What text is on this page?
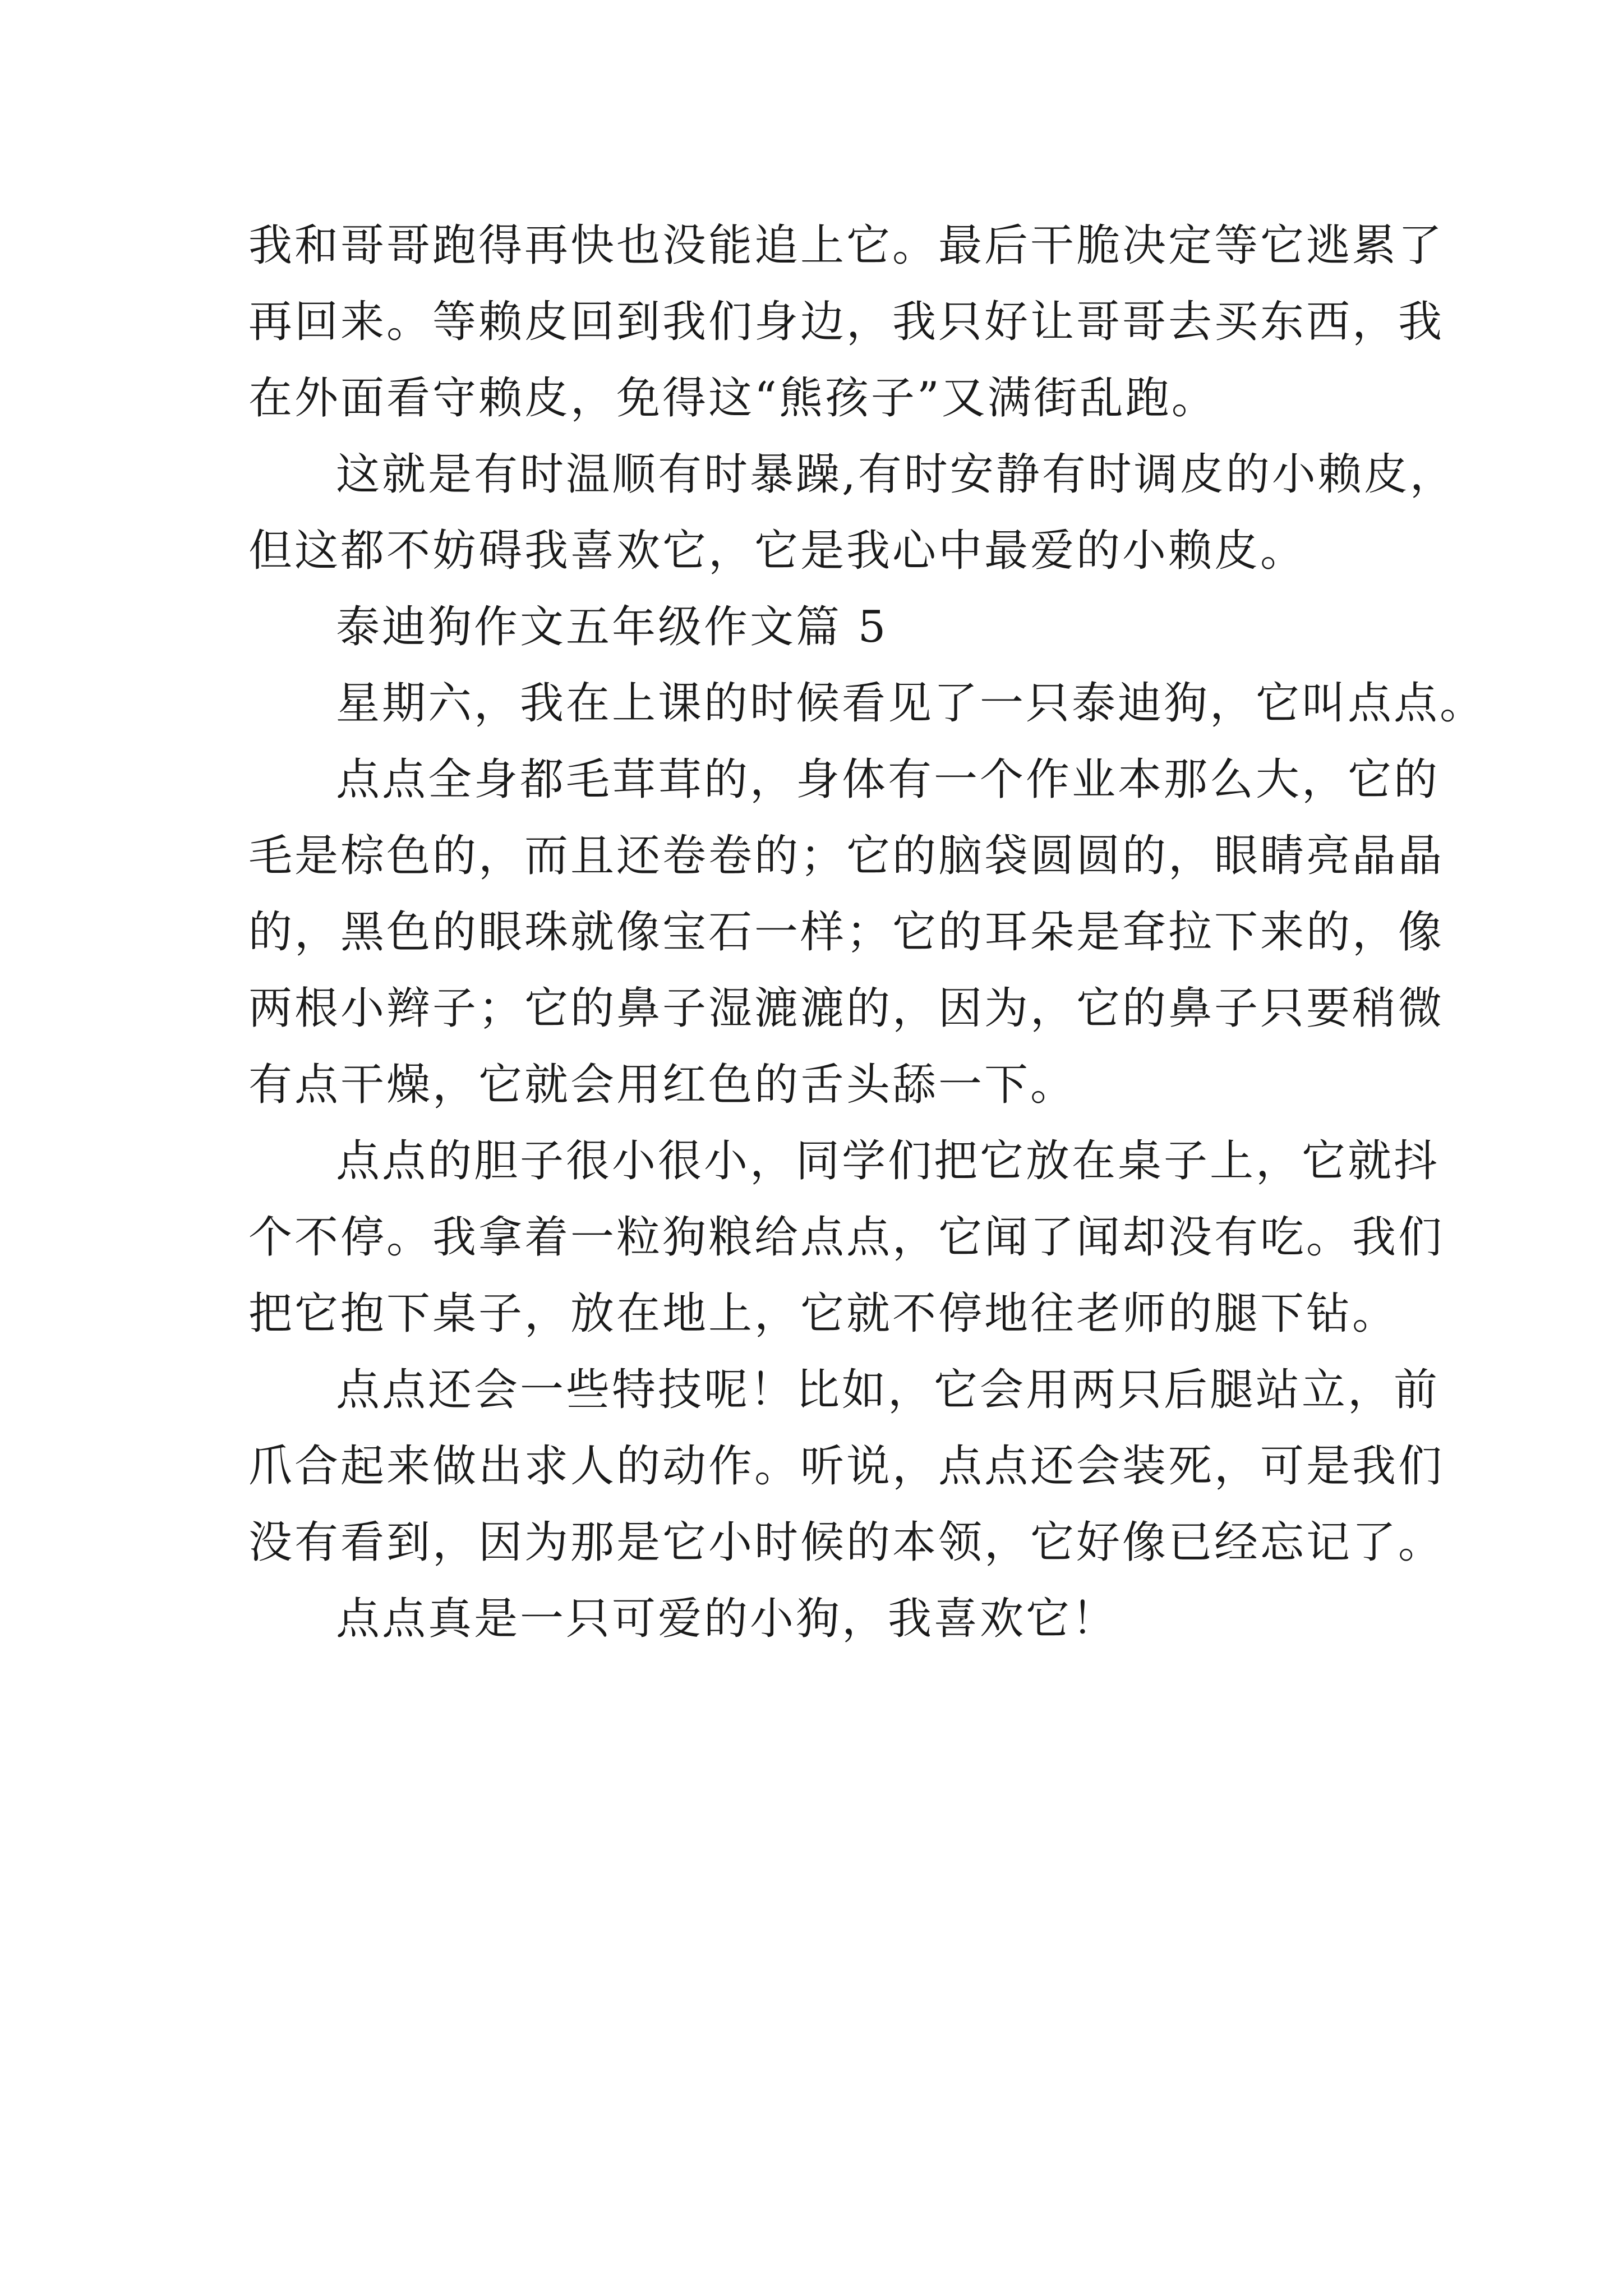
我和哥哥跑得再快也没能追上它。最后干脆决定等它逃累了
再回来。等赖皮回到我们身边，我只好让哥哥去买东西，我
在外面看守赖皮，免得这“熊孩子”又满街乱跑。
这就是有时温顺有时暴躁,有时安静有时调皮的小赖皮，
但这都不妨碍我喜欢它，它是我心中最爱的小赖皮。
泰迪狗作文五年级作文篇 5
星期六，我在上课的时候看见了一只泰迪狗，它叫点点。
点点全身都毛茸茸的，身体有一个作业本那么大，它的
毛是棕色的，而且还卷卷的；它的脑袋圆圆的，眼睛亮晶晶
的，黑色的眼珠就像宝石一样；它的耳朵是耷拉下来的，像
两根小辫子；它的鼻子湿漉漉的，因为，它的鼻子只要稍微
有点干燥，它就会用红色的舌头舔一下。
点点的胆子很小很小，同学们把它放在桌子上，它就抖
个不停。我拿着一粒狗粮给点点，它闻了闻却没有吃。我们
把它抱下桌子，放在地上，它就不停地往老师的腿下钻。
点点还会一些特技呢！比如，它会用两只后腿站立，前
爪合起来做出求人的动作。听说，点点还会装死，可是我们
没有看到，因为那是它小时候的本领，它好像已经忘记了。
点点真是一只可爱的小狗，我喜欢它！
